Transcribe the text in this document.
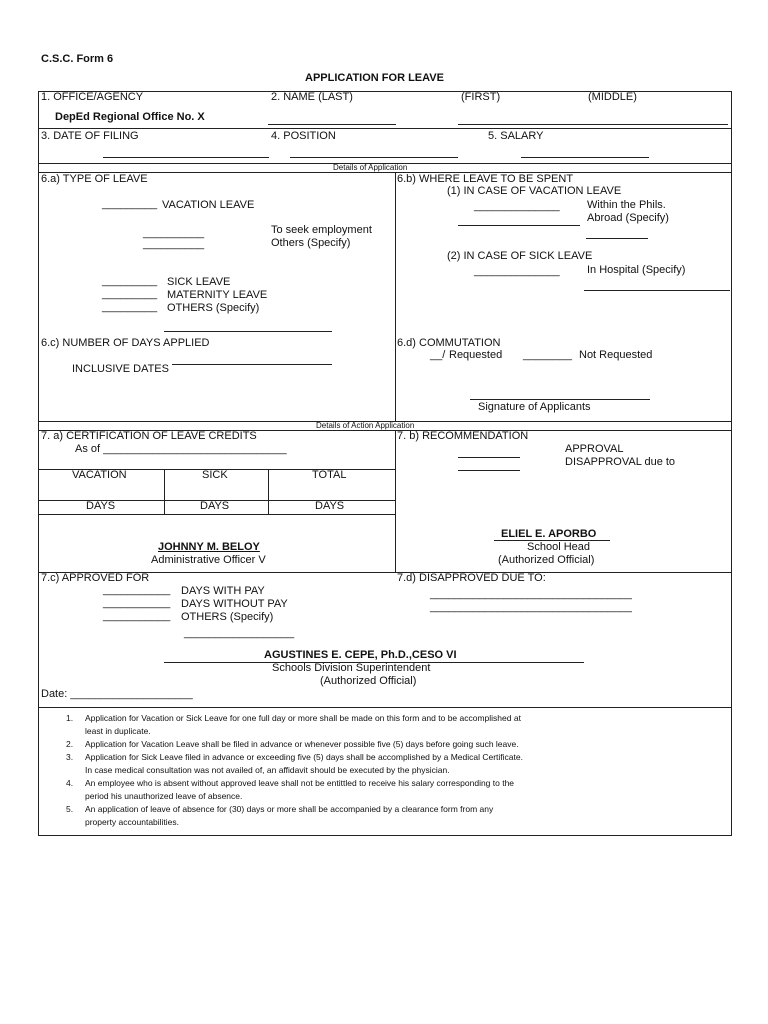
C.S.C. Form 6
APPLICATION FOR LEAVE
1. OFFICE/AGENCY
DepEd Regional Office No. X
2. NAME (LAST)	(FIRST)	(MIDDLE)
3. DATE OF FILING	4. POSITION	5. SALARY
Details of Application
6.a) TYPE OF LEAVE
_________ VACATION LEAVE
__________
__________
To seek employment
Others (Specify)
_________
_________
_________
SICK LEAVE
MATERNITY LEAVE
OTHERS (Specify)
6.b) WHERE LEAVE TO BE SPENT
(1) IN CASE OF VACATION LEAVE
______________ Within the Phils.
Abroad (Specify)
(2) IN CASE OF SICK LEAVE
______________ In Hospital (Specify)
6.c) NUMBER OF DAYS APPLIED
INCLUSIVE DATES
6.d) COMMUTATION
__/ Requested ________ Not Requested
Signature of Applicants
Details of Action Application
7. a) CERTIFICATION OF LEAVE CREDITS
As of ______________________________
VACATION	SICK	TOTAL
DAYS	DAYS	DAYS
JOHNNY M. BELOY
Administrative Officer V
7. b) RECOMMENDATION
APPROVAL
DISAPPROVAL due to
ELIEL E. APORBO
School Head
(Authorized Official)
7.c) APPROVED FOR
___________ DAYS WITH PAY
___________ DAYS WITHOUT PAY
___________ OTHERS (Specify)
__________________
7.d) DISAPPROVED DUE TO:
_________________________________
_________________________________
AGUSTINES E. CEPE, Ph.D.,CESO VI
Schools Division Superintendent
(Authorized Official)
Date: ____________________
1. Application for Vacation or Sick Leave for one full day or more shall be made on this form and to be accomplished at
least in duplicate.
2. Application for Vacation Leave shall be filed in advance or whenever possible five (5) days before going such leave.
3. Application for Sick Leave filed in advance or exceeding five (5) days shall be accomplished by a Medical Certificate.
In case medical consultation was not availed of, an affidavit should be executed by the physician.
4. An employee who is absent without approved leave shall not be entittled to receive his salary corresponding to the
period his unauthorized leave of absence.
5. An application of leave of absence for (30) days or more shall be accompanied by a clearance form from any
property accountabilities.
